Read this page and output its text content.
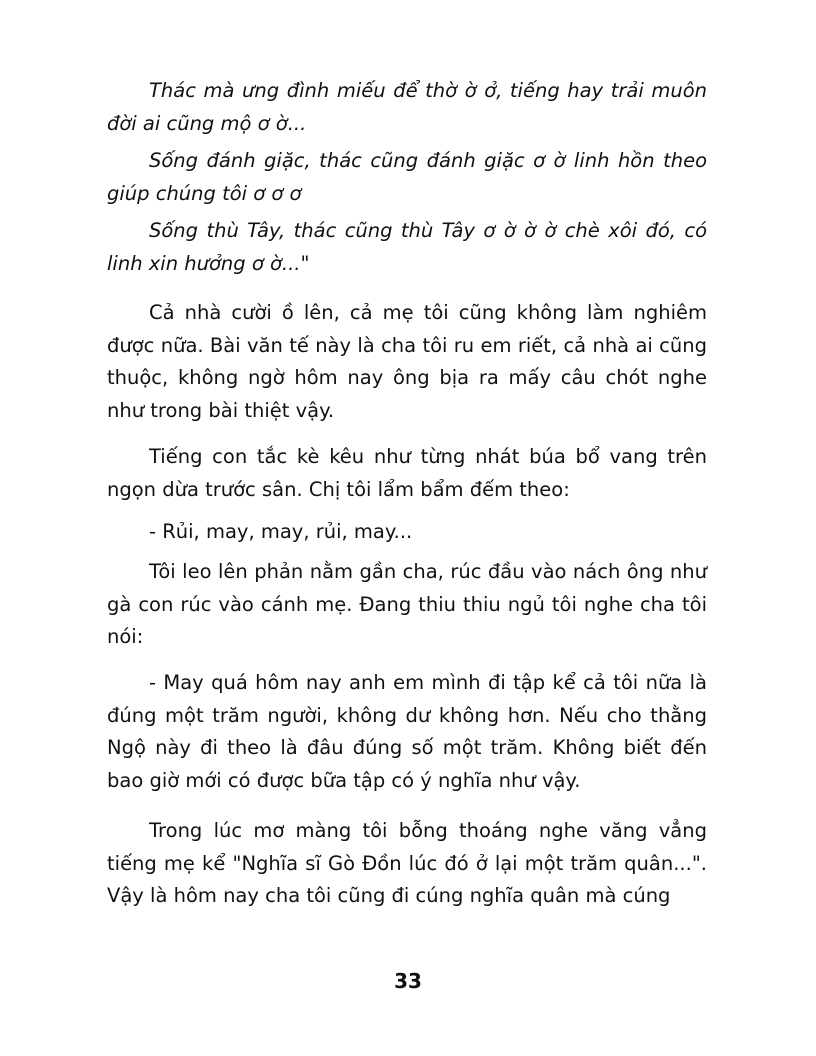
Thác mà ưng đình miếu để thờ ờ ở, tiếng hay trải muôn đời ai cũng mộ ơ ờ...

Sống đánh giặc, thác cũng đánh giặc ơ ờ linh hồn theo giúp chúng tôi ơ ơ ơ

Sống thù Tây, thác cũng thù Tây ơ ờ ờ ờ chè xôi đó, có linh xin hưởng ơ ờ..."

Cả nhà cười ồ lên, cả mẹ tôi cũng không làm nghiêm được nữa. Bài văn tế này là cha tôi ru em riết, cả nhà ai cũng thuộc, không ngờ hôm nay ông bịa ra mấy câu chót nghe như trong bài thiệt vậy.

Tiếng con tắc kè kêu như từng nhát búa bổ vang trên ngọn dừa trước sân. Chị tôi lẩm bẩm đếm theo:

- Rủi, may, may, rủi, may...

Tôi leo lên phản nằm gần cha, rúc đầu vào nách ông như gà con rúc vào cánh mẹ. Đang thiu thiu ngủ tôi nghe cha tôi nói:

- May quá hôm nay anh em mình đi tập kể cả tôi nữa là đúng một trăm người, không dư không hơn. Nếu cho thằng Ngộ này đi theo là đâu đúng số một trăm. Không biết đến bao giờ mới có được bữa tập có ý nghĩa như vậy.

Trong lúc mơ màng tôi bỗng thoáng nghe văng vẳng tiếng mẹ kể "Nghĩa sĩ Gò Đồn lúc đó ở lại một trăm quân...". Vậy là hôm nay cha tôi cũng đi cúng nghĩa quân mà cúng

33
